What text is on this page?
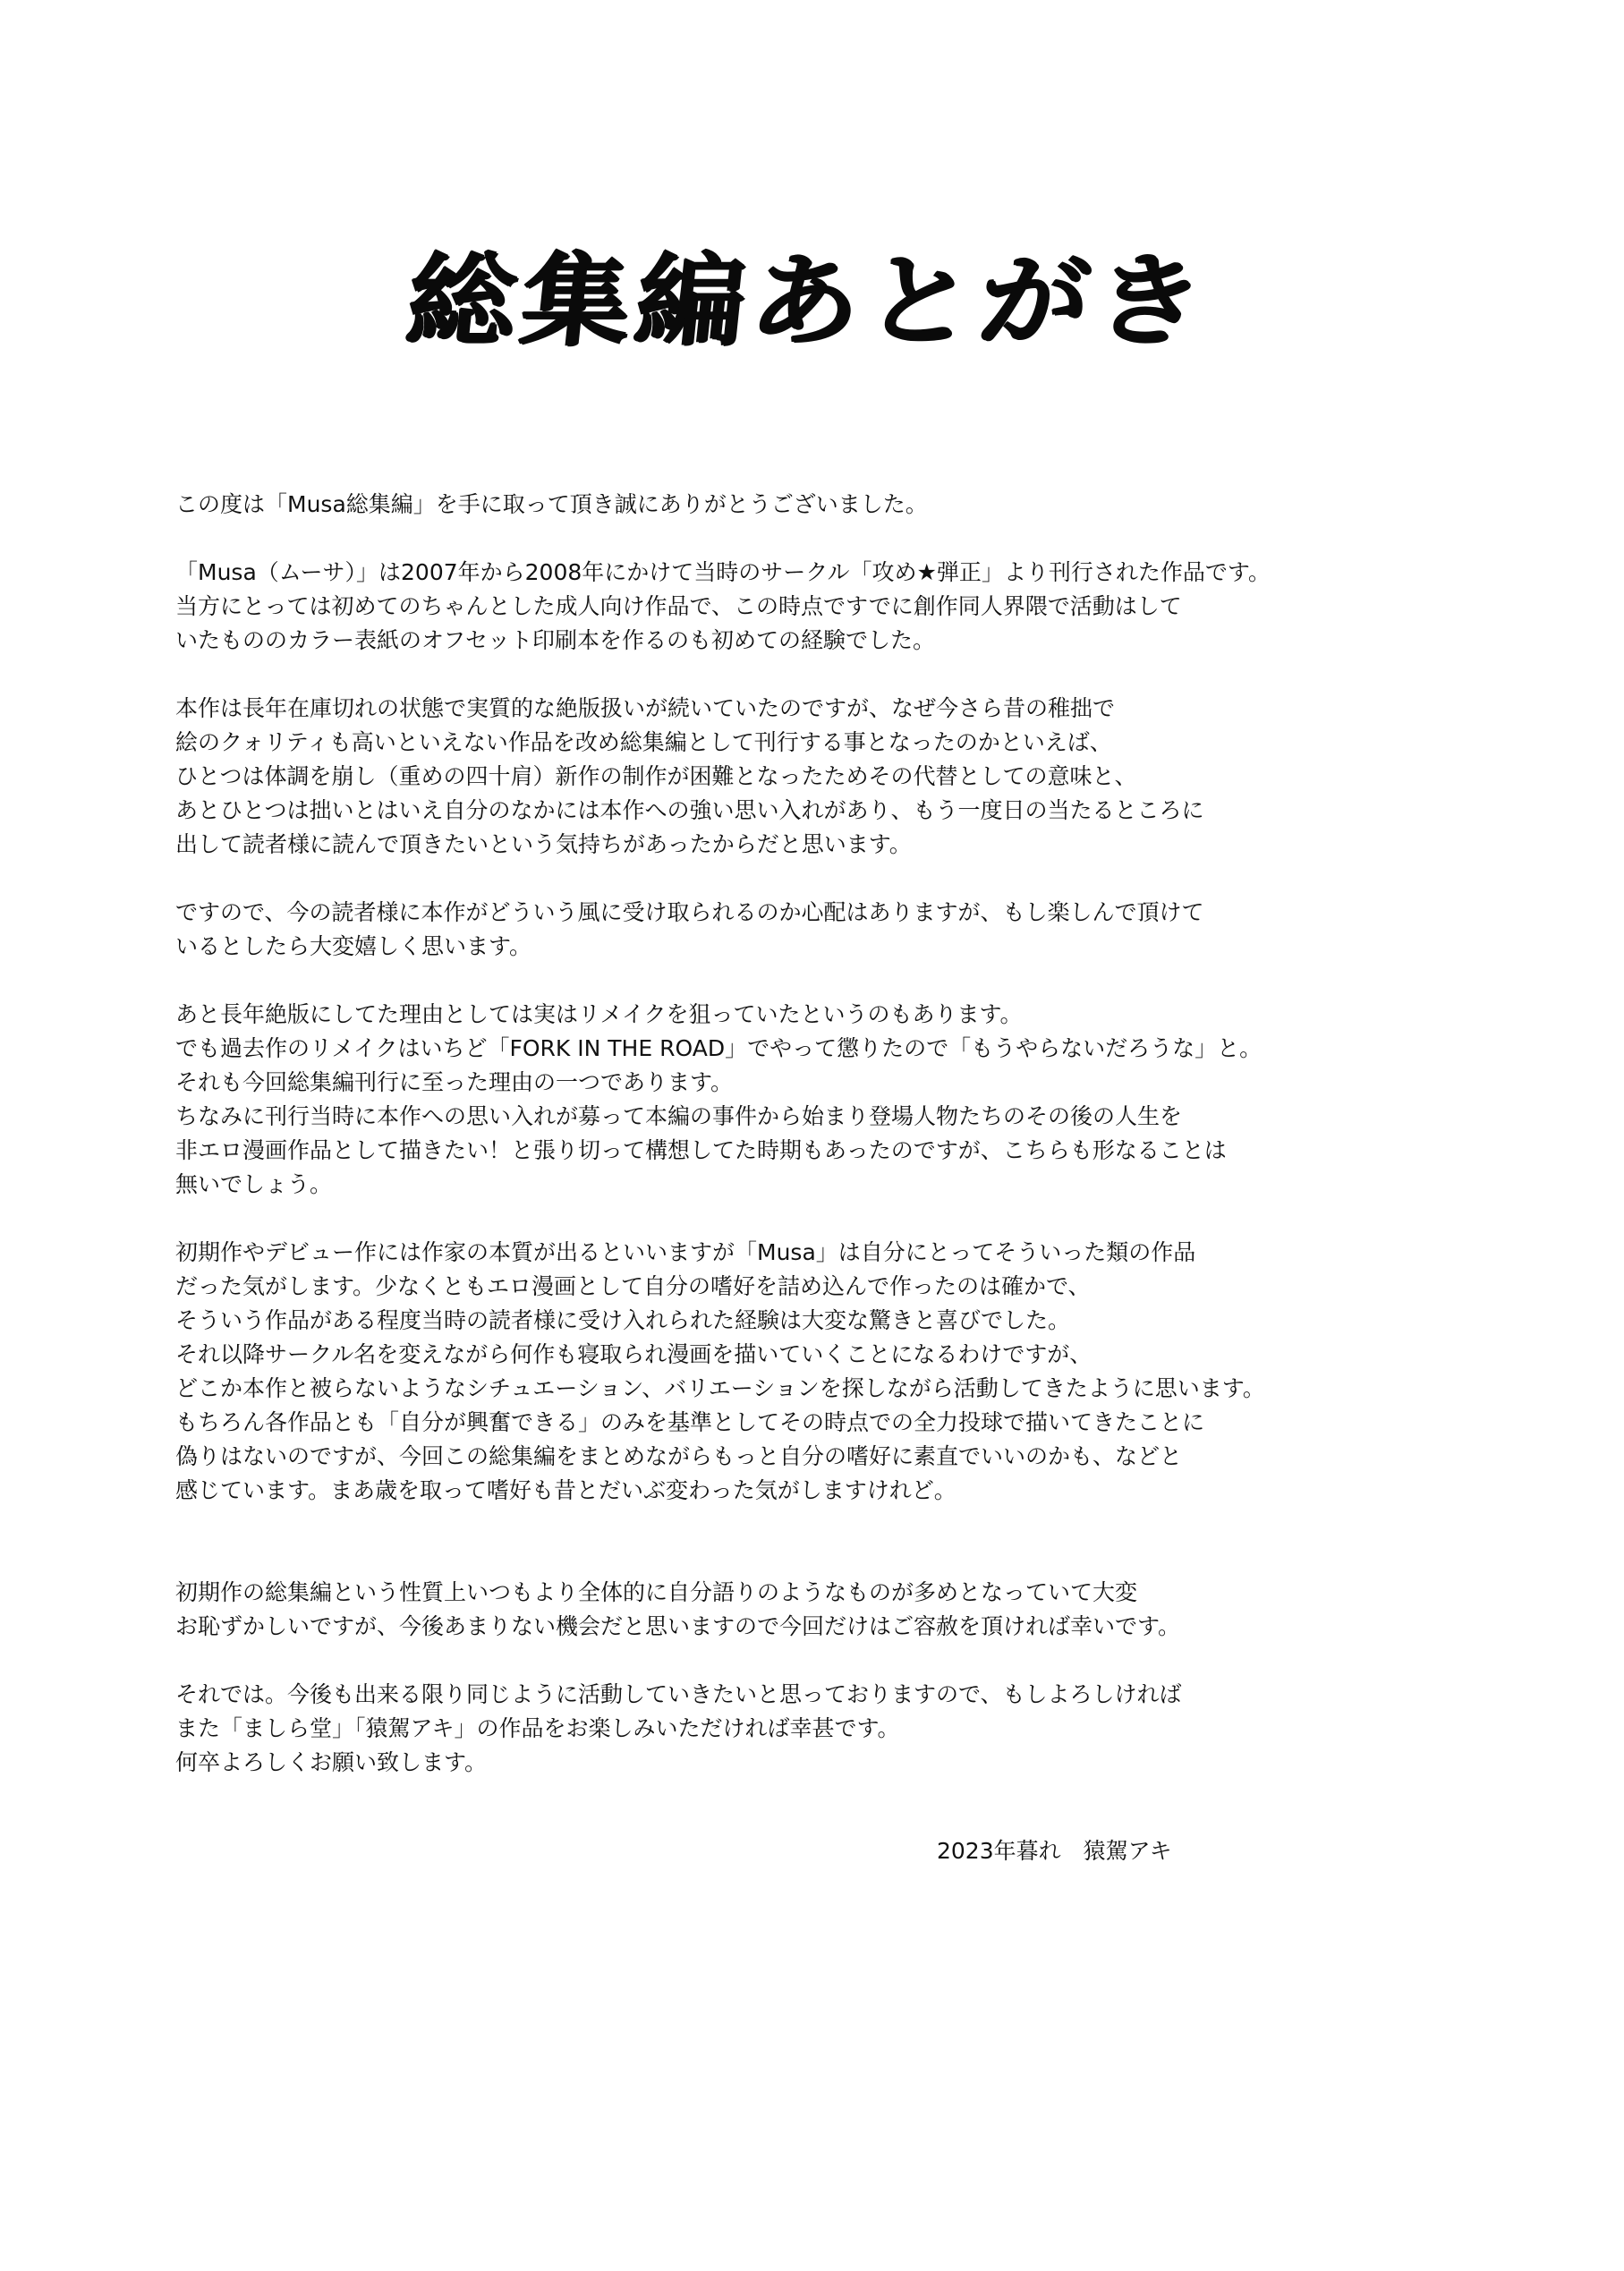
総集編あとがき
この度は「Musa総集編」を手に取って頂き誠にありがとうございました。
「Musa（ムーサ）」は2007年から2008年にかけて当時のサークル「攻め★弾正」より刊行された作品です。
当方にとっては初めてのちゃんとした成人向け作品で、この時点ですでに創作同人界隈で活動はして
いたもののカラー表紙のオフセット印刷本を作るのも初めての経験でした。
本作は長年在庫切れの状態で実質的な絶版扱いが続いていたのですが、なぜ今さら昔の稚拙で
絵のクォリティも高いといえない作品を改め総集編として刊行する事となったのかといえば、
ひとつは体調を崩し（重めの四十肩）新作の制作が困難となったためその代替としての意味と、
あとひとつは拙いとはいえ自分のなかには本作への強い思い入れがあり、もう一度日の当たるところに
出して読者様に読んで頂きたいという気持ちがあったからだと思います。
ですので、今の読者様に本作がどういう風に受け取られるのか心配はありますが、もし楽しんで頂けて
いるとしたら大変嬉しく思います。
あと長年絶版にしてた理由としては実はリメイクを狙っていたというのもあります。
でも過去作のリメイクはいちど「FORK IN THE ROAD」でやって懲りたので「もうやらないだろうな」と。
それも今回総集編刊行に至った理由の一つであります。
ちなみに刊行当時に本作への思い入れが募って本編の事件から始まり登場人物たちのその後の人生を
非エロ漫画作品として描きたい！と張り切って構想してた時期もあったのですが、こちらも形なることは
無いでしょう。
初期作やデビュー作には作家の本質が出るといいますが「Musa」は自分にとってそういった類の作品
だった気がします。少なくともエロ漫画として自分の嗜好を詰め込んで作ったのは確かで、
そういう作品がある程度当時の読者様に受け入れられた経験は大変な驚きと喜びでした。
それ以降サークル名を変えながら何作も寝取られ漫画を描いていくことになるわけですが、
どこか本作と被らないようなシチュエーション、バリエーションを探しながら活動してきたように思います。
もちろん各作品とも「自分が興奮できる」のみを基準としてその時点での全力投球で描いてきたことに
偽りはないのですが、今回この総集編をまとめながらもっと自分の嗜好に素直でいいのかも、などと
感じています。まあ歳を取って嗜好も昔とだいぶ変わった気がしますけれど。
初期作の総集編という性質上いつもより全体的に自分語りのようなものが多めとなっていて大変
お恥ずかしいですが、今後あまりない機会だと思いますので今回だけはご容赦を頂ければ幸いです。
それでは。今後も出来る限り同じように活動していきたいと思っておりますので、もしよろしければ
また「ましら堂」「猿駕アキ」の作品をお楽しみいただければ幸甚です。
何卒よろしくお願い致します。
2023年暮れ　猿駕アキ
